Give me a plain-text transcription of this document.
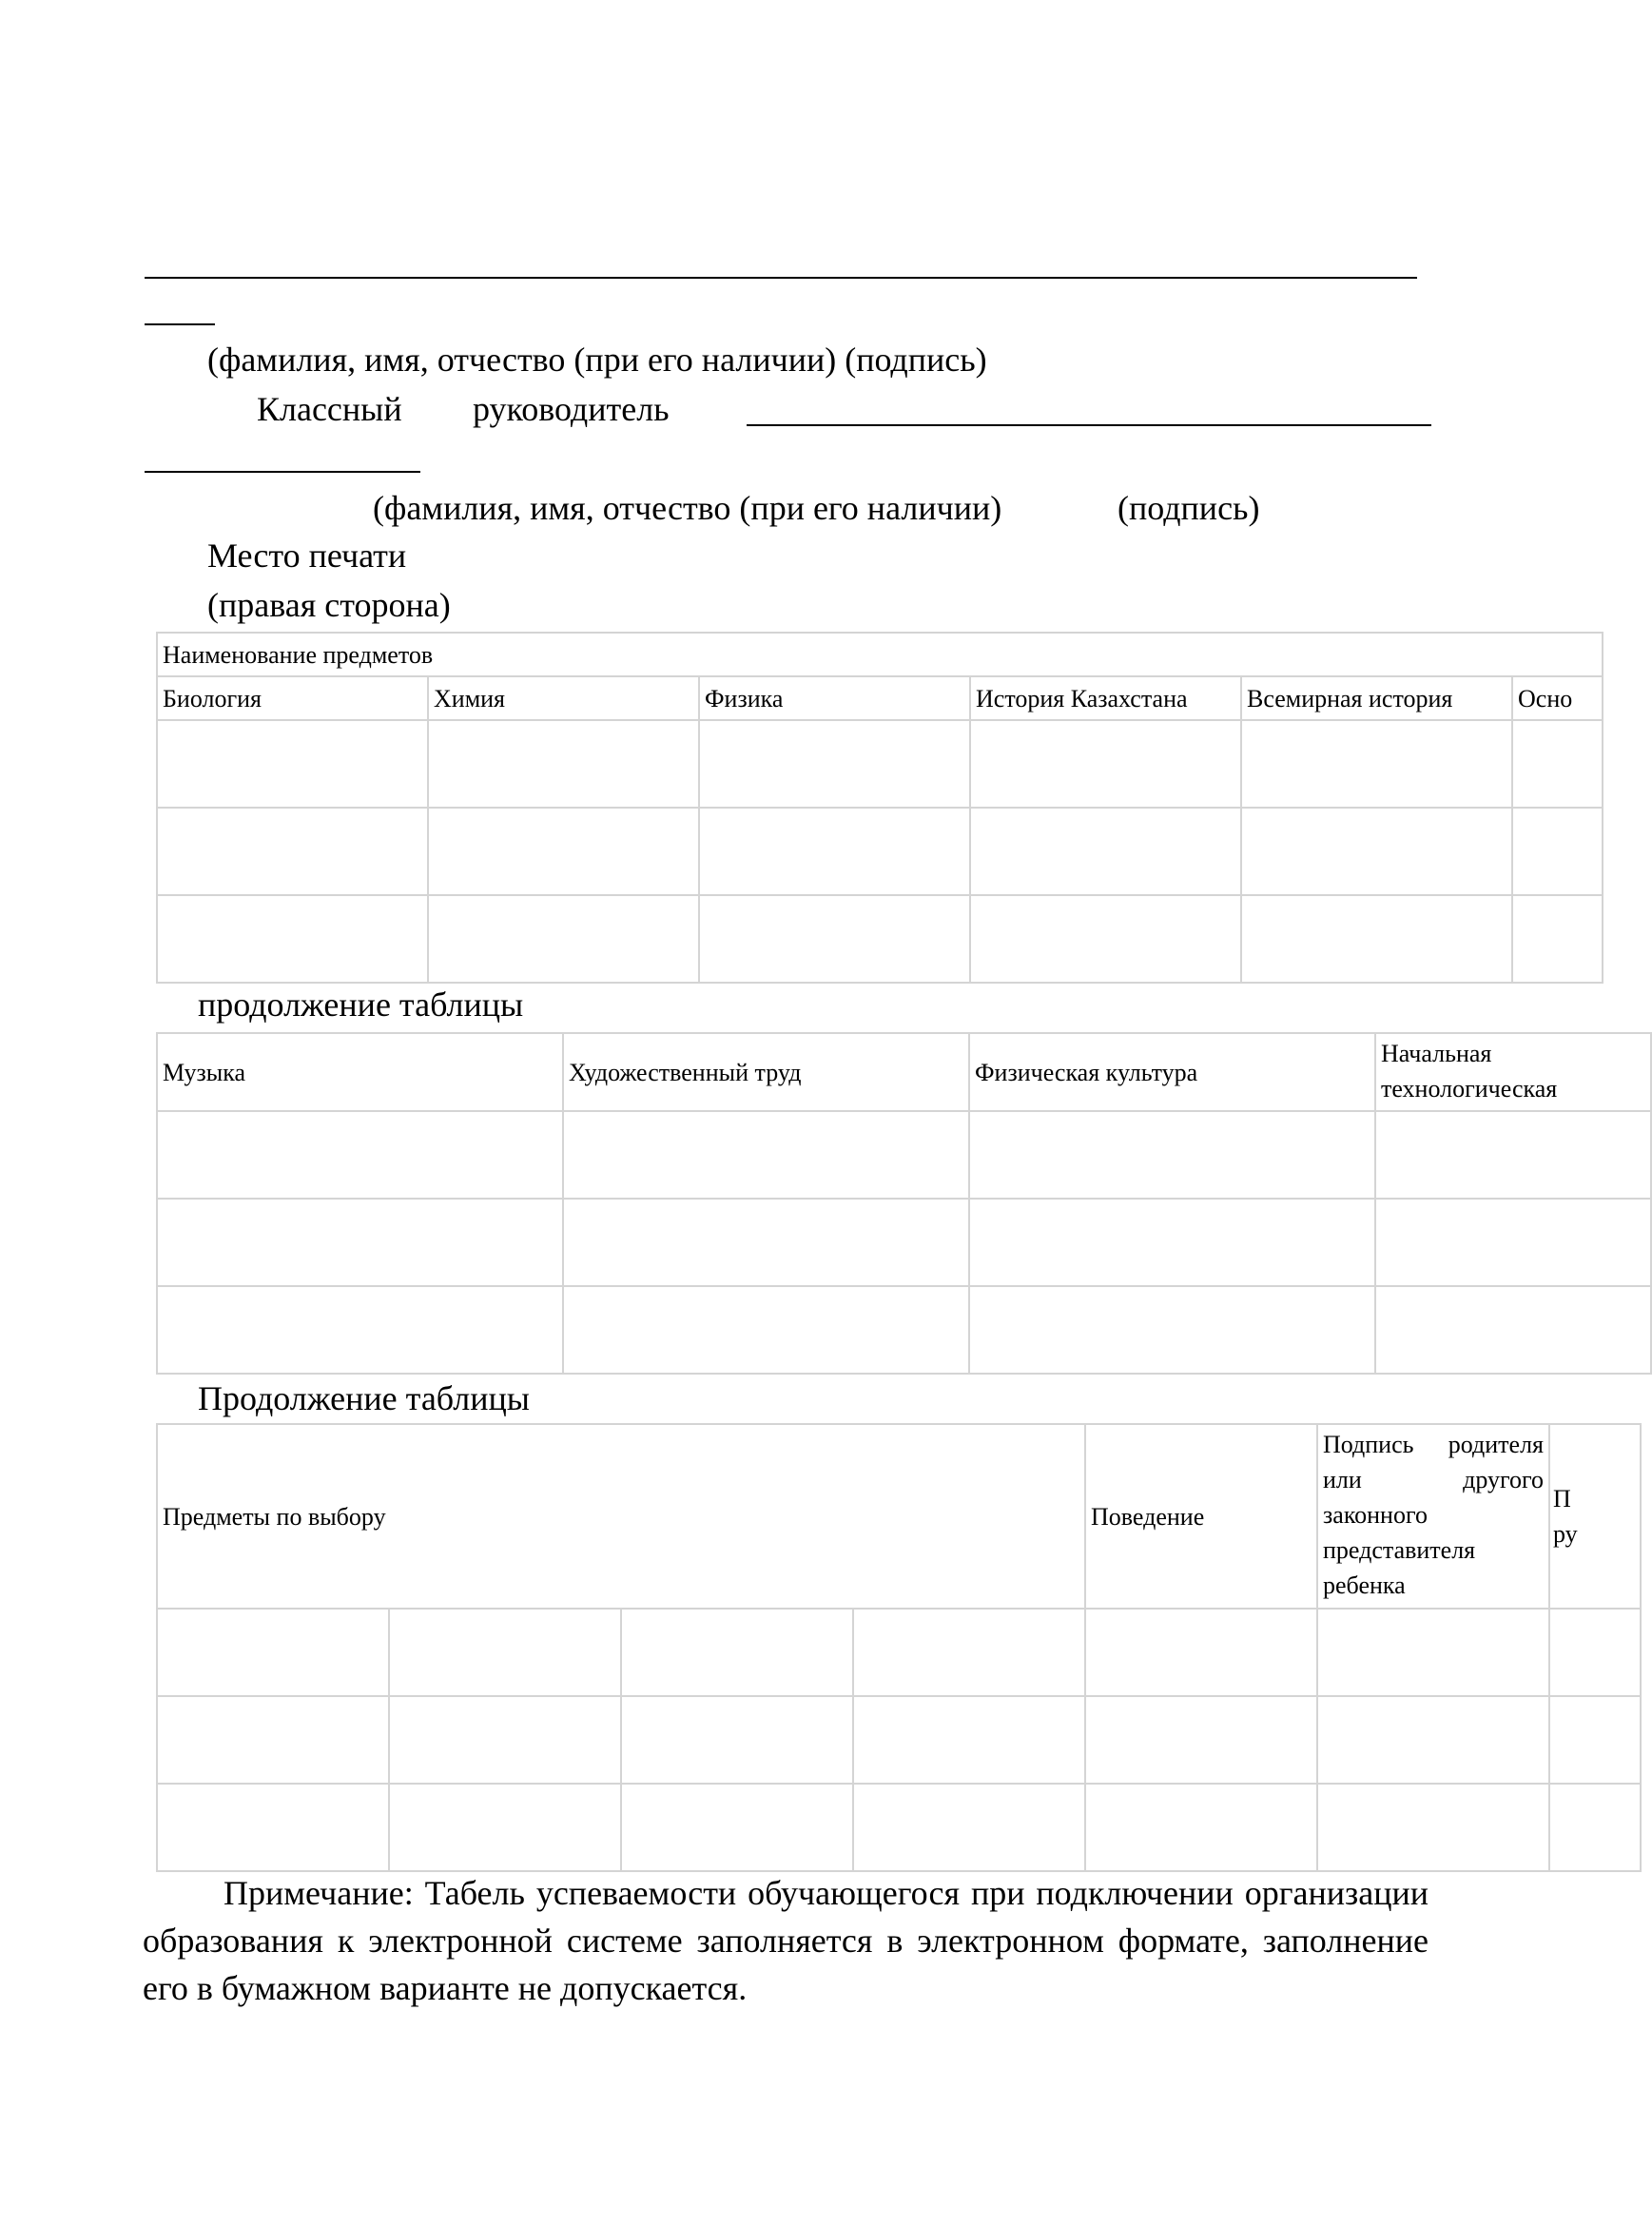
(фамилия, имя, отчество (при его наличии) (подпись)
Классный руководитель
(фамилия, имя, отчество (при его наличии)	(подпись)
Место печати
(правая сторона)
Наименование предметов					
Биология	Химия	Физика	История Казахстана	Всемирная история	Осно

продолжение таблицы
Музыка	Художественный труд	Физическая культура	Начальная технологическая

Продолжение таблицы
Предметы по выбору				Поведение	Подпись родителя или другого законного представителя ребенка	П ру

Примечание: Табель успеваемости обучающегося при подключении организации образования к электронной системе заполняется в электронном формате, заполнение его в бумажном варианте не допускается.
